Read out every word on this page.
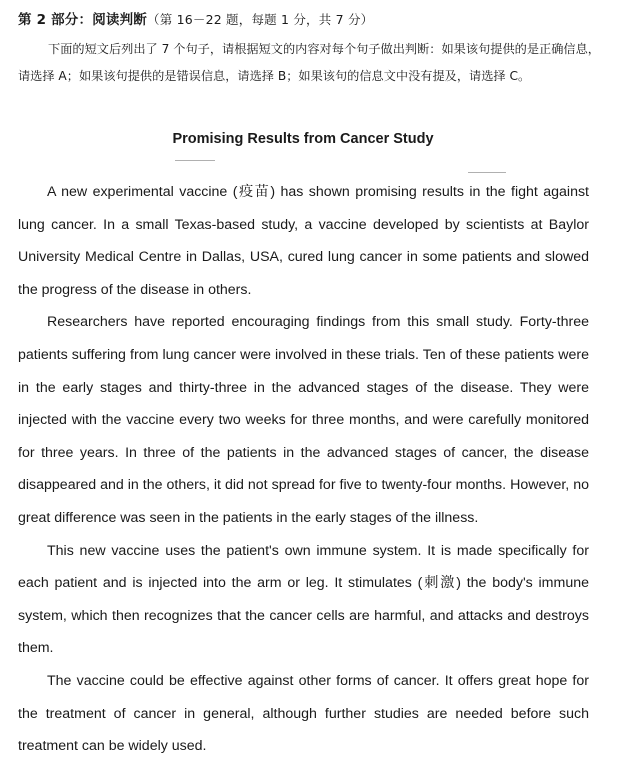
第 2 部分：阅读判断（第 16－22 题，每题 1 分，共 7 分）
下面的短文后列出了 7 个句子，请根据短文的内容对每个句子做出判断：如果该句提供的是正确信息，请选择 A；如果该句提供的是错误信息，请选择 B；如果该句的信息文中没有提及，请选择 C。
Promising Results from Cancer Study

A new experimental vaccine (疫苗) has shown promising results in the fight against lung cancer. In a small Texas-based study, a vaccine developed by scientists at Baylor University Medical Centre in Dallas, USA, cured lung cancer in some patients and slowed the progress of the disease in others.

Researchers have reported encouraging findings from this small study. Forty-three patients suffering from lung cancer were involved in these trials. Ten of these patients were in the early stages and thirty-three in the advanced stages of the disease. They were injected with the vaccine every two weeks for three months, and were carefully monitored for three years. In three of the patients in the advanced stages of cancer, the disease disappeared and in the others, it did not spread for five to twenty-four months. However, no great difference was seen in the patients in the early stages of the illness.

This new vaccine uses the patient's own immune system. It is made specifically for each patient and is injected into the arm or leg. It stimulates (刺激) the body's immune system, which then recognizes that the cancer cells are harmful, and attacks and destroys them.

The vaccine could be effective against other forms of cancer. It offers great hope for the treatment of cancer in general, although further studies are needed before such treatment can be widely used.
